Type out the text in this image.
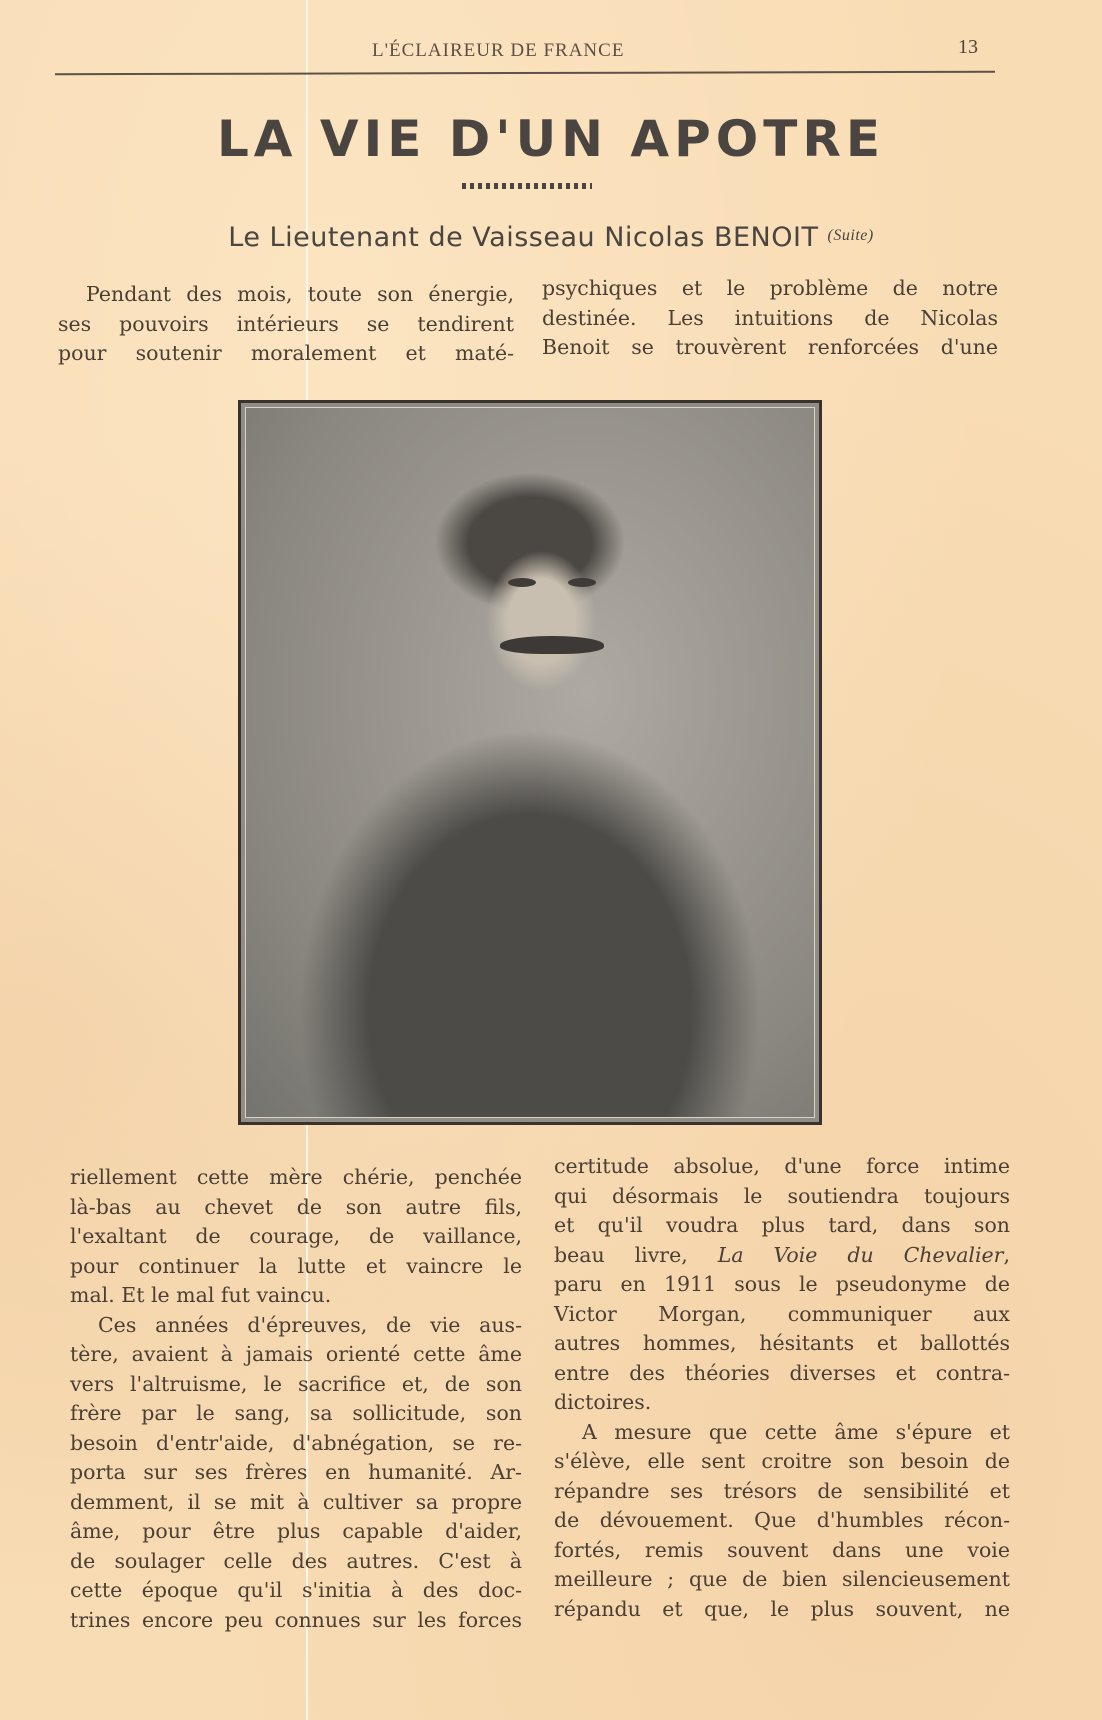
L'ÉCLAIREUR DE FRANCE	13
LA VIE D'UN APOTRE
Le Lieutenant de Vaisseau Nicolas BENOIT $^{(Suite)}$
Pendant des mois, toute son énergie,
ses pouvoirs intérieurs se tendirent
pour soutenir moralement et maté-
psychiques et le problème de notre
destinée. Les intuitions de Nicolas
Benoit se trouvèrent renforcées d'une
riellement cette mère chérie, penchée
là-bas au chevet de son autre fils,
l'exaltant de courage, de vaillance,
pour continuer la lutte et vaincre le
mal. Et le mal fut vaincu.
Ces années d'épreuves, de vie aus-
tère, avaient à jamais orienté cette âme
vers l'altruisme, le sacrifice et, de son
frère par le sang, sa sollicitude, son
besoin d'entr'aide, d'abnégation, se re-
porta sur ses frères en humanité. Ar-
demment, il se mit à cultiver sa propre
âme, pour être plus capable d'aider,
de soulager celle des autres. C'est à
cette époque qu'il s'initia à des doc-
trines encore peu connues sur les forces
certitude absolue, d'une force intime
qui désormais le soutiendra toujours
et qu'il voudra plus tard, dans son
beau livre, La Voie du Chevalier,
paru en 1911 sous le pseudonyme de
Victor Morgan, communiquer aux
autres hommes, hésitants et ballottés
entre des théories diverses et contra-
dictoires.
A mesure que cette âme s'épure et
s'élève, elle sent croitre son besoin de
répandre ses trésors de sensibilité et
de dévouement. Que d'humbles récon-
fortés, remis souvent dans une voie
meilleure ; que de bien silencieusement
répandu et que, le plus souvent, ne
